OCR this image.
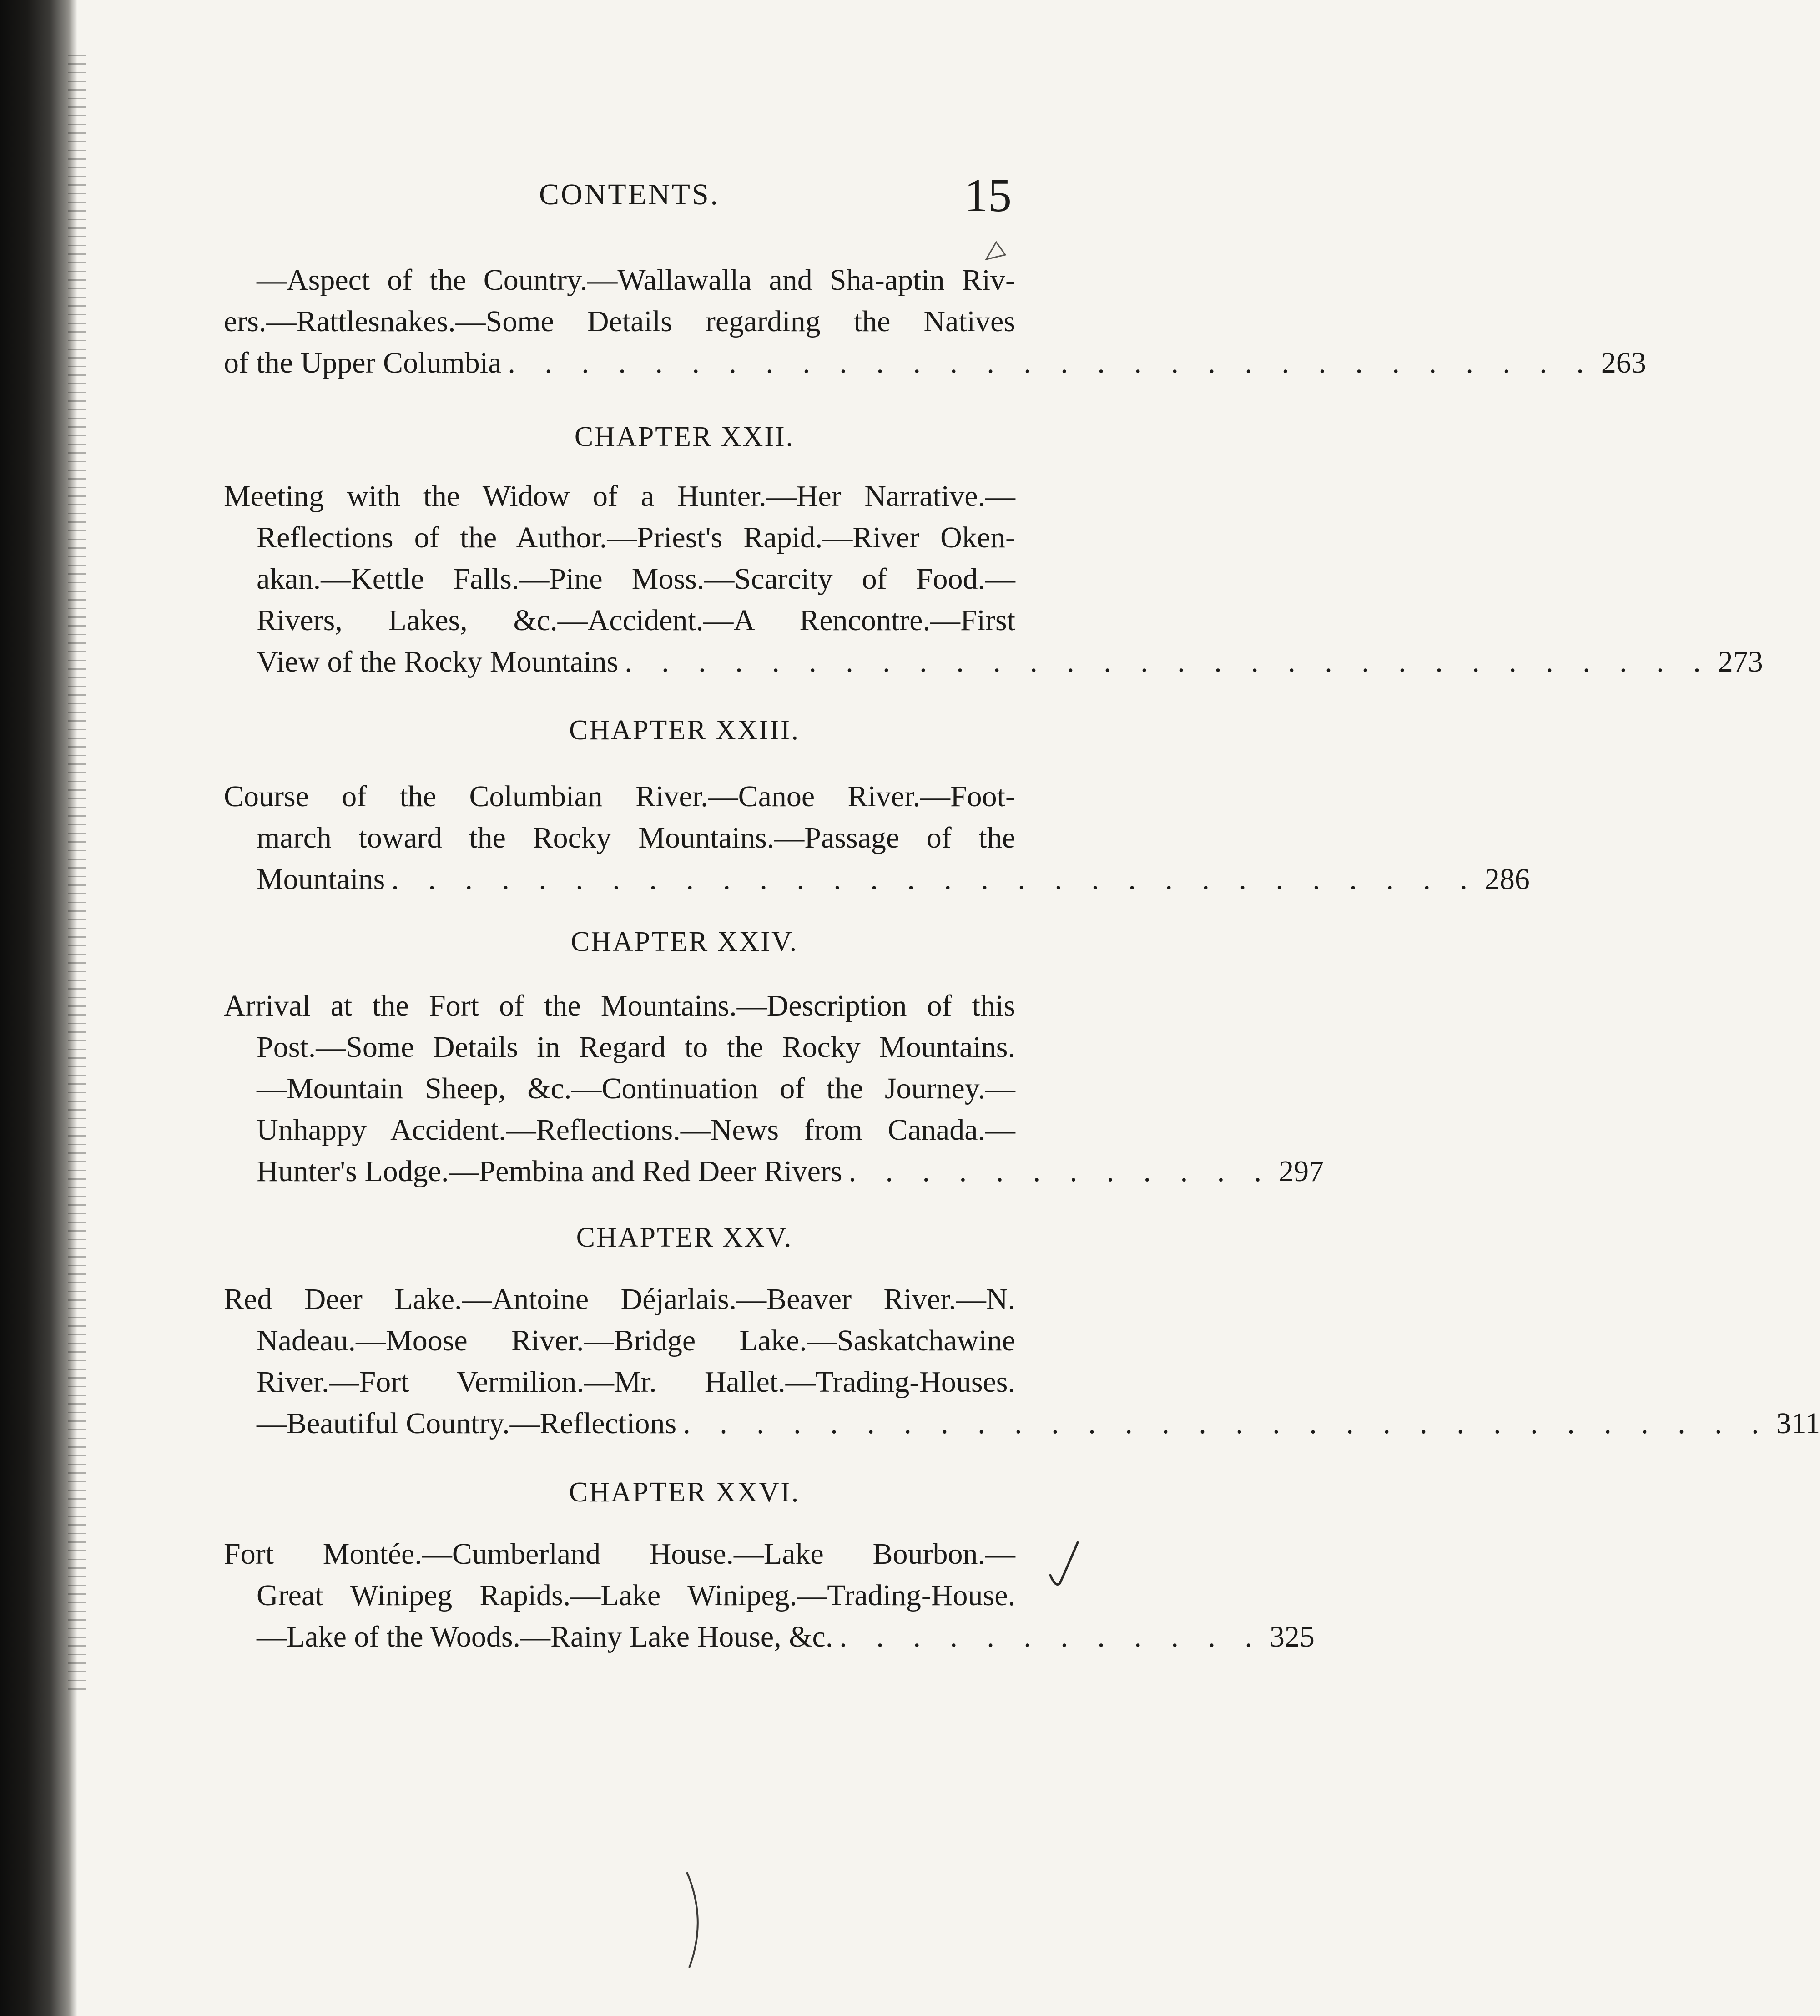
CONTENTS.	15
—Aspect of the Country.—Wallawalla and Sha-aptin Riv-
ers.—Rattlesnakes.—Some Details regarding the Natives
of the Upper Columbia . . . . . . . . . . . . . . . . . . . . . . . . . . . . . . 263
CHAPTER XXII.
Meeting with the Widow of a Hunter.—Her Narrative.—
Reflections of the Author.—Priest's Rapid.—River Oken-
akan.—Kettle Falls.—Pine Moss.—Scarcity of Food.—
Rivers, Lakes, &c.—Accident.—A Rencontre.—First
View of the Rocky Mountains . . . . . . . . . . . . . . . . . . . . . . . . . . . . . . 273
CHAPTER XXIII.
Course of the Columbian River.—Canoe River.—Foot-
march toward the Rocky Mountains.—Passage of the
Mountains . . . . . . . . . . . . . . . . . . . . . . . . . . . . . . 286
CHAPTER XXIV.
Arrival at the Fort of the Mountains.—Description of this
Post.—Some Details in Regard to the Rocky Mountains.
—Mountain Sheep, &c.—Continuation of the Journey.—
Unhappy Accident.—Reflections.—News from Canada.—
Hunter's Lodge.—Pembina and Red Deer Rivers . . . . . . . . . . . . 297
CHAPTER XXV.
Red Deer Lake.—Antoine Déjarlais.—Beaver River.—N.
Nadeau.—Moose River.—Bridge Lake.—Saskatchawine
River.—Fort Vermilion.—Mr. Hallet.—Trading-Houses.
—Beautiful Country.—Reflections . . . . . . . . . . . . . . . . . . . . . . . . . . . . . . 311
CHAPTER XXVI.
Fort Montée.—Cumberland House.—Lake Bourbon.—
Great Winipeg Rapids.—Lake Winipeg.—Trading-House.
—Lake of the Woods.—Rainy Lake House, &c. . . . . . . . . . . . . 325
